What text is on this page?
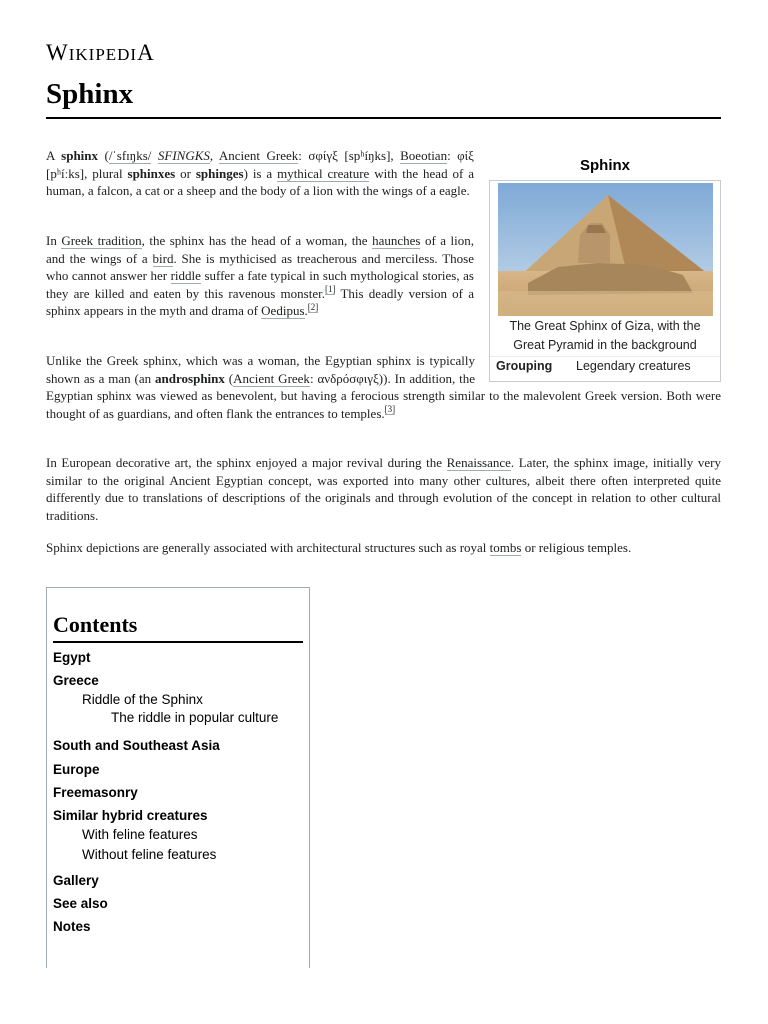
WIKIPEDIA
Sphinx

A sphinx (/ˈsfɪŋks/ SFINGKS, Ancient Greek: σφίγξ [spʰíŋks], Boeotian: φίξ [pʰíːks], plural sphinxes or sphinges) is a mythical creature with the head of a human, a falcon, a cat or a sheep and the body of a lion with the wings of a eagle.

In Greek tradition, the sphinx has the head of a woman, the haunches of a lion, and the wings of a bird. She is mythicised as treacherous and merciless. Those who cannot answer her riddle suffer a fate typical in such mythological stories, as they are killed and eaten by this ravenous monster.[1] This deadly version of a sphinx appears in the myth and drama of Oedipus.[2]

Unlike the Greek sphinx, which was a woman, the Egyptian sphinx is typically shown as a man (an androsphinx (Ancient Greek: ανδρόσφιγξ)). In addition, the Egyptian sphinx was viewed as benevolent, but having a ferocious strength similar to the malevolent Greek version. Both were thought of as guardians, and often flank the entrances to temples.[3]

In European decorative art, the sphinx enjoyed a major revival during the Renaissance. Later, the sphinx image, initially very similar to the original Ancient Egyptian concept, was exported into many other cultures, albeit there often interpreted quite differently due to translations of descriptions of the originals and through evolution of the concept in relation to other cultural traditions.

Sphinx depictions are generally associated with architectural structures such as royal tombs or religious temples.

Sphinx
The Great Sphinx of Giza, with the Great Pyramid in the background
Grouping Legendary creatures
Contents
Egypt
Greece
Riddle of the Sphinx
The riddle in popular culture
South and Southeast Asia
Europe
Freemasonry
Similar hybrid creatures
With feline features
Without feline features
Gallery
See also
Notes
